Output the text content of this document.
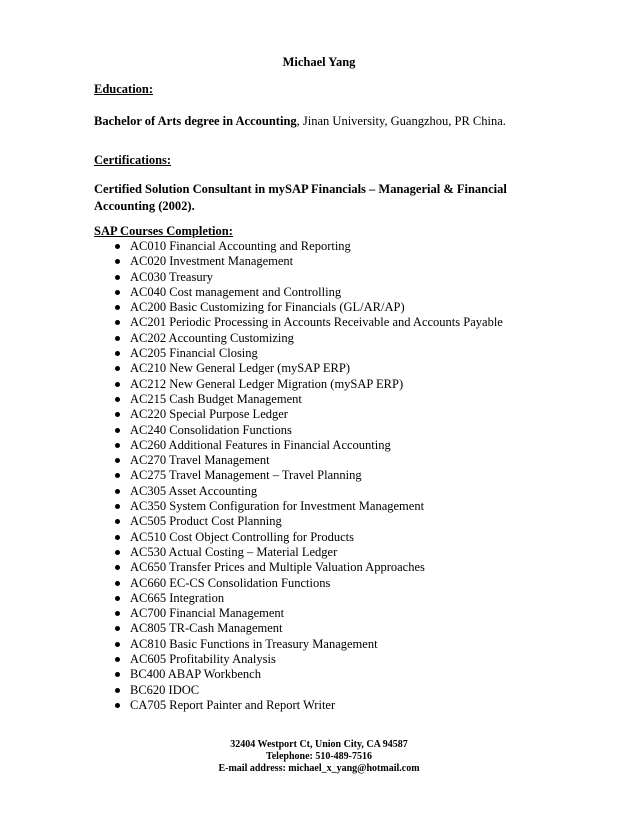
Michael Yang
Education:
Bachelor of Arts degree in Accounting, Jinan University, Guangzhou, PR China.
Certifications:
Certified Solution Consultant in mySAP Financials – Managerial & Financial Accounting (2002).
SAP Courses Completion:
AC010 Financial Accounting and Reporting
AC020 Investment Management
AC030 Treasury
AC040 Cost management and Controlling
AC200 Basic Customizing for Financials (GL/AR/AP)
AC201 Periodic Processing in Accounts Receivable and Accounts Payable
AC202 Accounting Customizing
AC205 Financial Closing
AC210 New General Ledger (mySAP ERP)
AC212 New General Ledger Migration (mySAP ERP)
AC215 Cash Budget Management
AC220 Special Purpose Ledger
AC240 Consolidation Functions
AC260 Additional Features in Financial Accounting
AC270 Travel Management
AC275 Travel Management – Travel Planning
AC305 Asset Accounting
AC350 System Configuration for Investment Management
AC505 Product Cost Planning
AC510 Cost Object Controlling for Products
AC530 Actual Costing – Material Ledger
AC650 Transfer Prices and Multiple Valuation Approaches
AC660 EC-CS Consolidation Functions
AC665 Integration
AC700 Financial Management
AC805 TR-Cash Management
AC810 Basic Functions in Treasury Management
AC605 Profitability Analysis
BC400 ABAP Workbench
BC620 IDOC
CA705 Report Painter and Report Writer
32404 Westport Ct, Union City, CA 94587
Telephone: 510-489-7516
E-mail address: michael_x_yang@hotmail.com
